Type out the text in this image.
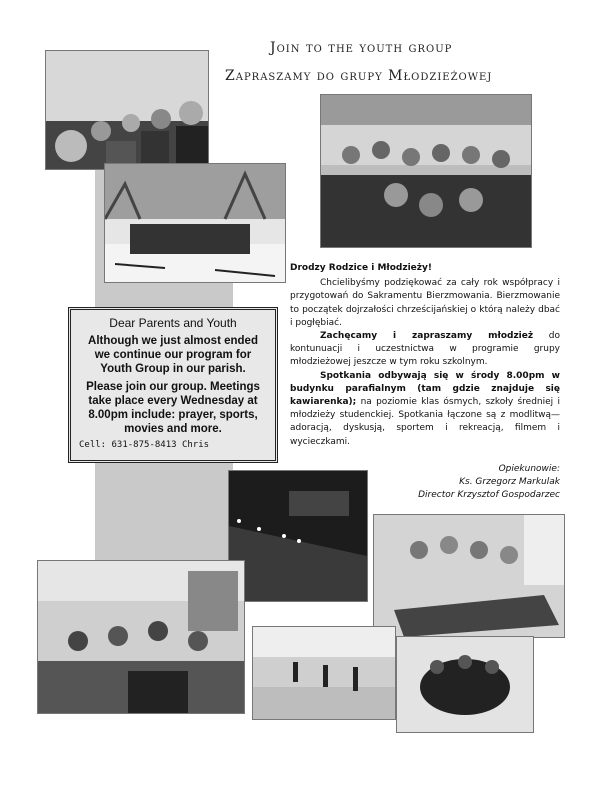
Join to the youth group
Zapraszamy do grupy Młodzieżowej
Dear Parents and Youth
Although we just almost ended we continue our program for Youth Group in our parish.
Please join our group. Meetings take place every Wednesday at 8.00pm include: prayer, sports, movies and more.
Cell: 631-875-8413 Chris

Drodzy Rodzice i Młodzieży!

Chcielibyśmy podziękować za cały rok współpracy i przygotowań do Sakramentu Bierzmowania. Bierzmowanie to początek dojrzałości chrześcijańskiej o którą należy dbać i pogłębiać.

Zachęcamy i zapraszamy młodzież do kontunuacji i uczestnictwa w programie grupy młodzieżowej jeszcze w tym roku szkolnym.

Spotkania odbywają się w środy 8.00pm w budynku parafialnym (tam gdzie znajduje się kawiarenka); na poziomie klas ósmych, szkoły średniej i młodzieży studenckiej. Spotkania łączone są z modlitwą—adoracją, dyskusją, sportem i rekreacją, filmem i wycieczkami.

Opiekunowie:
Ks. Grzegorz Markulak
Director Krzysztof Gospodarzec
